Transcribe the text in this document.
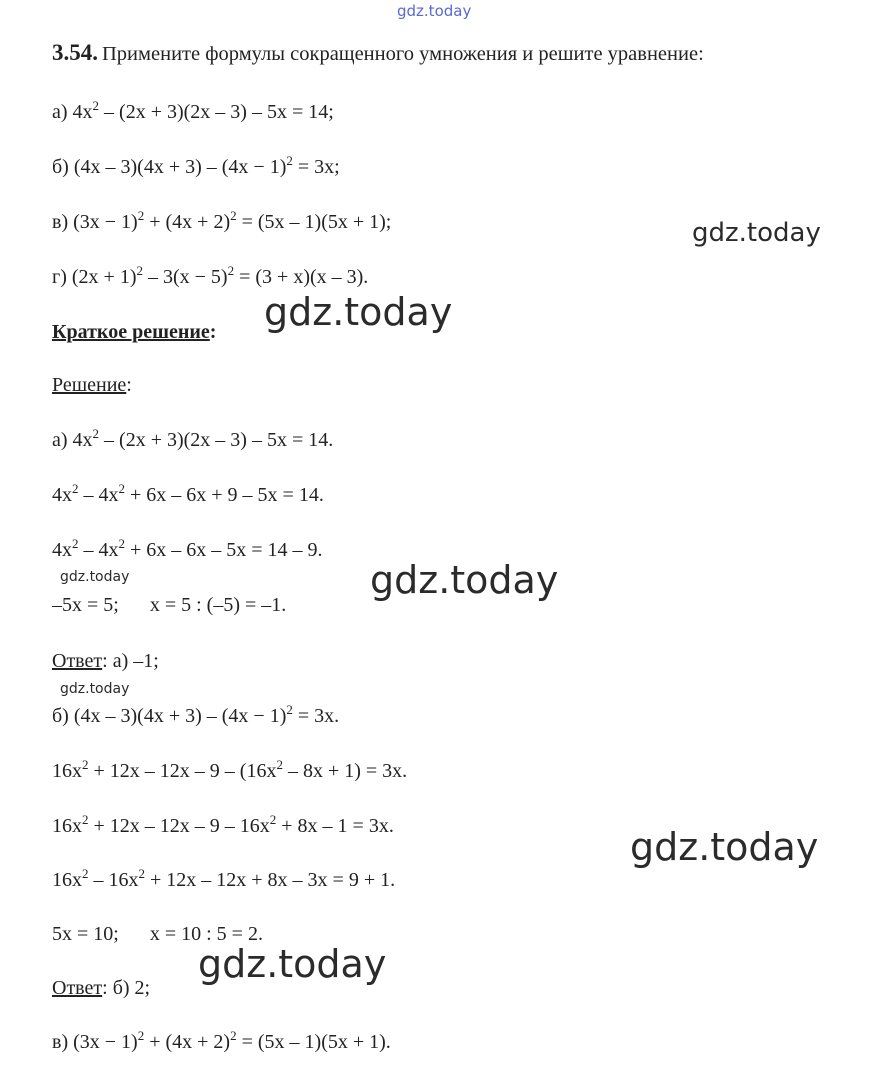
gdz.today
gdz.today
gdz.today
gdz.today
gdz.today
gdz.today
gdz.today
gdz.today
3.54. Примените формулы сокращенного умножения и решите уравнение:
а) $4x^2 - (2x + 3)(2x - 3) - 5x = 14$;
б) $(4x - 3)(4x + 3) - (4x - 1)^2 = 3x$;
в) $(3x - 1)^2 + (4x + 2)^2 = (5x - 1)(5x + 1)$;
г) $(2x + 1)^2 - 3(x - 5)^2 = (3 + x)(x - 3)$.
Краткое решение:
Решение:
а) $4x^2 - (2x + 3)(2x - 3) - 5x = 14$.
$4x^2 - 4x^2 + 6x - 6x + 9 - 5x = 14$.
$4x^2 - 4x^2 + 6x - 6x - 5x = 14 - 9$.
–5x = 5; x = 5 : (–5) = –1.
Ответ: а) –1;
б) $(4x - 3)(4x + 3) - (4x - 1)^2 = 3x$.
$16x^2 + 12x - 12x - 9 - (16x^2 - 8x + 1) = 3x$.
$16x^2 + 12x - 12x - 9 - 16x^2 + 8x - 1 = 3x$.
$16x^2 - 16x^2 + 12x - 12x + 8x - 3x = 9 + 1$.
5x = 10; x = 10 : 5 = 2.
Ответ: б) 2;
в) $(3x - 1)^2 + (4x + 2)^2 = (5x - 1)(5x + 1)$.
